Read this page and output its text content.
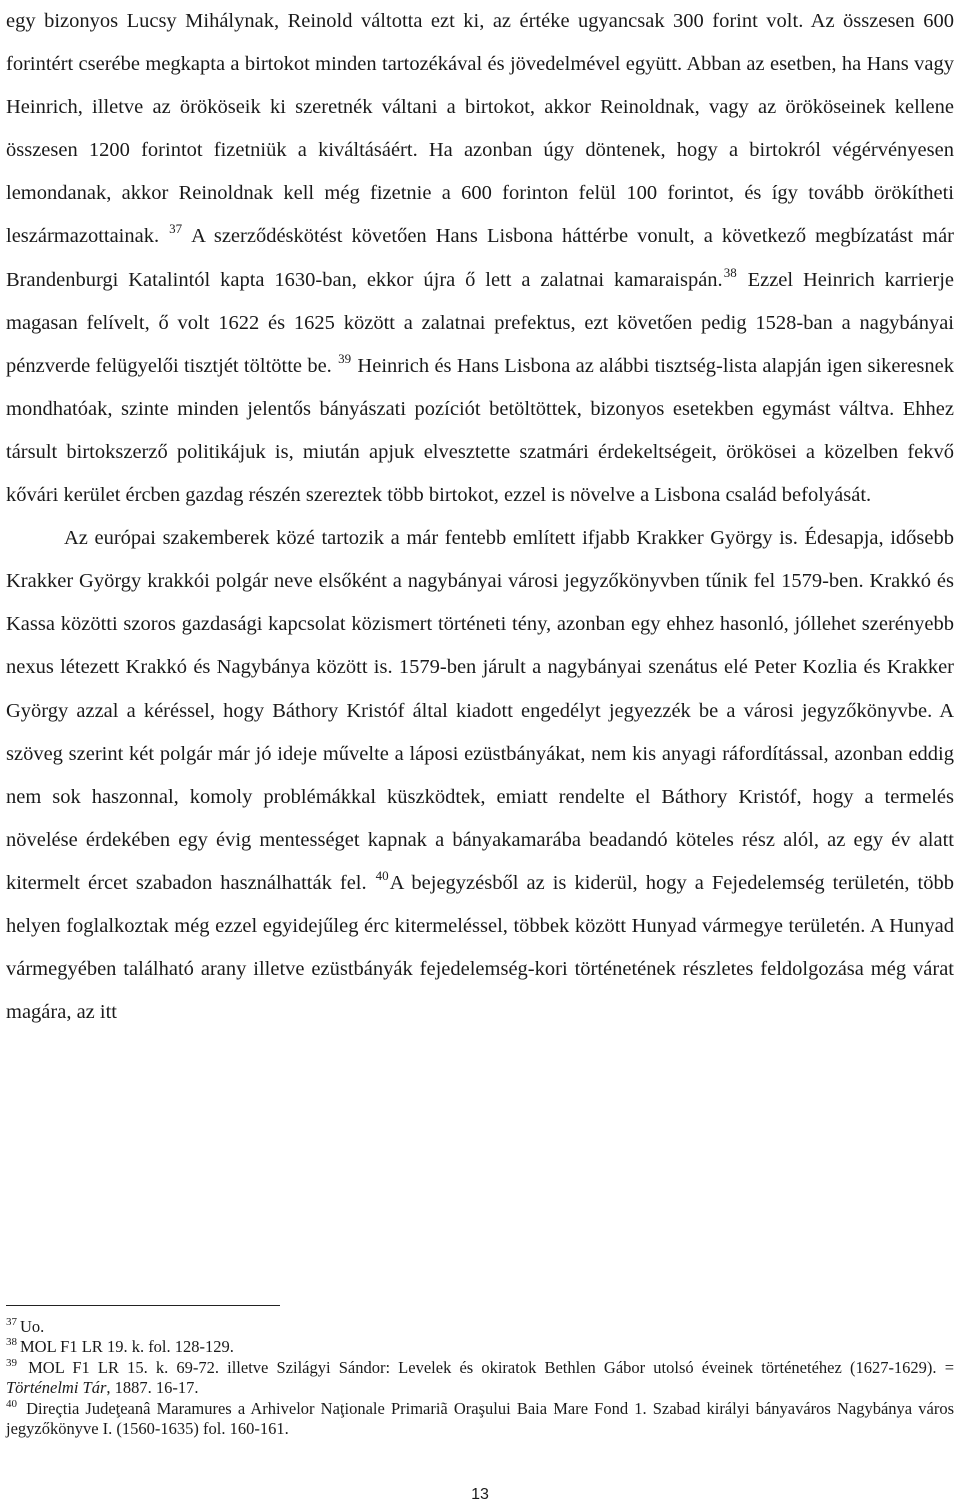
egy bizonyos Lucsy Mihálynak, Reinold váltotta ezt ki, az értéke ugyancsak 300 forint volt. Az összesen 600 forintért cserébe megkapta a birtokot minden tartozékával és jövedelmével együtt. Abban az esetben, ha Hans vagy Heinrich, illetve az örököseik ki szeretnék váltani a birtokot, akkor Reinoldnak, vagy az örököseinek kellene összesen 1200 forintot fizetniük a kiváltásáért. Ha azonban úgy döntenek, hogy a birtokról végérvényesen lemondanak, akkor Reinoldnak kell még fizetnie a 600 forinton felül 100 forintot, és így tovább örökítheti leszármazottainak. $^{37}$ A szerződéskötést követően Hans Lisbona háttérbe vonult, a következő megbízatást már Brandenburgi Katalintól kapta 1630-ban, ekkor újra ő lett a zalatnai kamaraispán.$^{38}$ Ezzel Heinrich karrierje magasan felívelt, ő volt 1622 és 1625 között a zalatnai prefektus, ezt követően pedig 1528-ban a nagybányai pénzverde felügyelői tisztjét töltötte be. $^{39}$ Heinrich és Hans Lisbona az alábbi tisztség-lista alapján igen sikeresnek mondhatóak, szinte minden jelentős bányászati pozíciót betöltöttek, bizonyos esetekben egymást váltva. Ehhez társult birtokszerző politikájuk is, miután apjuk elvesztette szatmári érdekeltségeit, örökösei a közelben fekvő kővári kerület ércben gazdag részén szereztek több birtokot, ezzel is növelve a Lisbona család befolyását.

Az európai szakemberek közé tartozik a már fentebb említett ifjabb Krakker György is. Édesapja, idősebb Krakker György krakkói polgár neve elsőként a nagybányai városi jegyzőkönyvben tűnik fel 1579-ben. Krakkó és Kassa közötti szoros gazdasági kapcsolat közismert történeti tény, azonban egy ehhez hasonló, jóllehet szerényebb nexus létezett Krakkó és Nagybánya között is. 1579-ben járult a nagybányai szenátus elé Peter Kozlia és Krakker György azzal a kéréssel, hogy Báthory Kristóf által kiadott engedélyt jegyezzék be a városi jegyzőkönyvbe. A szöveg szerint két polgár már jó ideje művelte a láposi ezüstbányákat, nem kis anyagi ráfordítással, azonban eddig nem sok haszonnal, komoly problémákkal küszködtek, emiatt rendelte el Báthory Kristóf, hogy a termelés növelése érdekében egy évig mentességet kapnak a bányakamarába beadandó köteles rész alól, az egy év alatt kitermelt ércet szabadon használhatták fel. $^{40}$A bejegyzésből az is kiderül, hogy a Fejedelemség területén, több helyen foglalkoztak még ezzel egyidejűleg érc kitermeléssel, többek között Hunyad vármegye területén. A Hunyad vármegyében található arany illetve ezüstbányák fejedelemség-kori történetének részletes feldolgozása még várat magára, az itt

$^{37}$ Uo.

$^{38}$ MOL F1 LR 19. k. fol. 128-129.

$^{39}$ MOL F1 LR 15. k. 69-72. illetve Szilágyi Sándor: Levelek és okiratok Bethlen Gábor utolsó éveinek történetéhez (1627-1629). = Történelmi Tár, 1887. 16-17.

$^{40}$ Direçtia Judeţeanâ Maramures a Arhivelor Naţionale Primariã Oraşului Baia Mare Fond 1. Szabad királyi bányaváros Nagybánya város jegyzőkönyve I. (1560-1635) fol. 160-161.

13
